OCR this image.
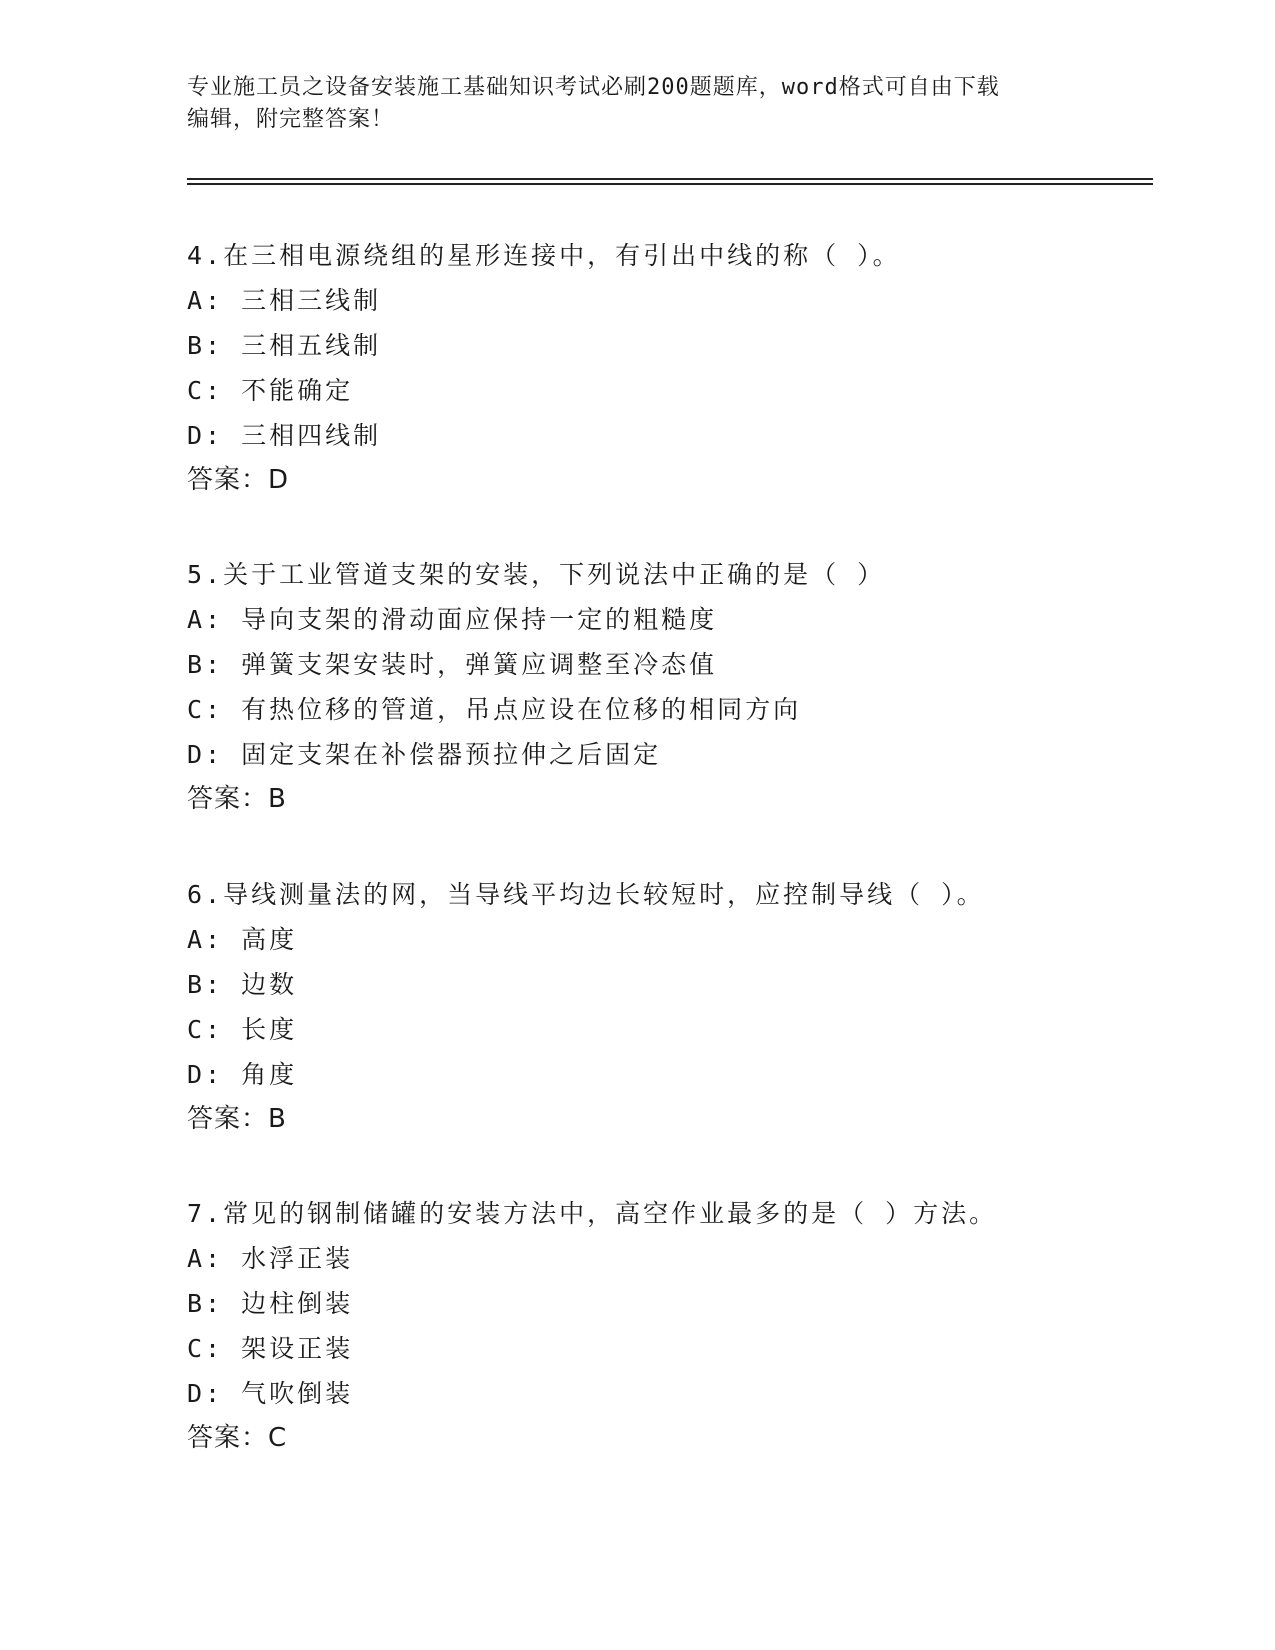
专业施工员之设备安装施工基础知识考试必刷200题题库，word格式可自由下载
编辑，附完整答案！
4.在三相电源绕组的星形连接中，有引出中线的称（ ）。
A: 三相三线制
B: 三相五线制
C: 不能确定
D: 三相四线制
答案：D
5.关于工业管道支架的安装，下列说法中正确的是（ ）
A: 导向支架的滑动面应保持一定的粗糙度
B: 弹簧支架安装时，弹簧应调整至冷态值
C: 有热位移的管道，吊点应设在位移的相同方向
D: 固定支架在补偿器预拉伸之后固定
答案：B
6.导线测量法的网，当导线平均边长较短时，应控制导线（ ）。
A: 高度
B: 边数
C: 长度
D: 角度
答案：B
7.常见的钢制储罐的安装方法中，高空作业最多的是（ ）方法。
A: 水浮正装
B: 边柱倒装
C: 架设正装
D: 气吹倒装
答案：C
